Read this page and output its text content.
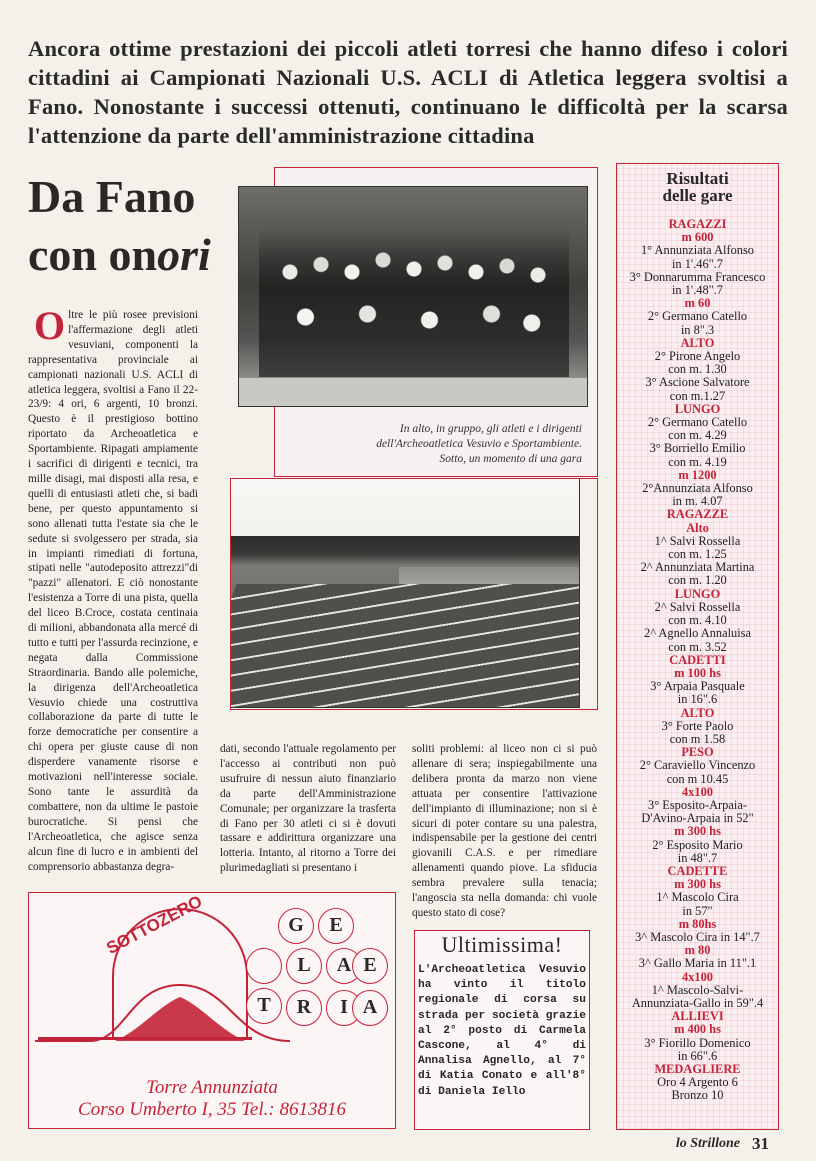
Ancora ottime prestazioni dei piccoli atleti torresi che hanno difeso i colori cittadini ai Campionati Nazionali U.S. ACLI di Atletica leggera svoltisi a Fano. Nonostante i successi ottenuti, continuano le difficoltà per la scarsa l'attenzione da parte dell'amministrazione cittadina
Da Fano
con onori
Oltre le più rosee previsioni l'affermazione degli atleti vesuviani, componenti la rappresentativa provinciale ai campionati nazionali U.S. ACLI di atletica leggera, svoltisi a Fano il 22-23/9: 4 ori, 6 argenti, 10 bronzi. Questo è il prestigioso bottino riportato da Archeoatletica e Sportambiente. Ripagati ampiamente i sacrifici di dirigenti e tecnici, tra mille disagi, mai disposti alla resa, e quelli di entusiasti atleti che, si badi bene, per questo appuntamento si sono allenati tutta l'estate sia che le sedute si svolgessero per strada, sia in impianti rimediati di fortuna, stipati nelle "autodeposito attrezzi"di "pazzi" allenatori. E ciò nonostante l'esistenza a Torre di una pista, quella del liceo B.Croce, costata centinaia di milioni, abbandonata alla mercé di tutto e tutti per l'assurda recinzione, e negata dalla Commissione Straordinaria. Bando alle polemiche, la dirigenza dell'Archeoatletica Vesuvio chiede una costruttiva collaborazione da parte di tutte le forze democratiche per consentire a chi opera per giuste cause di non disperdere vanamente risorse e motivazioni nell'interesse sociale. Sono tante le assurdità da combattere, non da ultime le pastoie burocratiche. Si pensi che l'Archeoatletica, che agisce senza alcun fine di lucro e in ambienti del comprensorio abbastanza degra-
dati, secondo l'attuale regolamento per l'accesso ai contributi non può usufruire di nessun aiuto finanziario da parte dell'Amministrazione Comunale; per organizzare la trasferta di Fano per 30 atleti ci si è dovuti tassare e addirittura organizzare una lotteria. Intanto, al ritorno a Torre dei plurimedagliati si presentano i
soliti problemi: al liceo non ci si può allenare di sera; inspiegabilmente una delibera pronta da marzo non viene attuata per consentire l'attivazione dell'impianto di illuminazione; non si è sicuri di poter contare su una palestra, indispensabile per la gestione dei centri giovanili C.A.S. e per rimediare allenamenti quando piove. La sfiducia sembra prevalere sulla tenacia; l'angoscia sta nella domanda: chi vuole questo stato di cose?
In alto, in gruppo, gli atleti e i dirigenti
dell'Archeoatletica Vesuvio e Sportambiente.
Sotto, un momento di una gara
Risultati
delle gare
RAGAZZI
m 600
1° Annunziata Alfonso
in 1'.46".7
3° Donnarumma Francesco
in 1'.48".7
m 60
2° Germano Catello
in 8".3
ALTO
2° Pirone Angelo
con m. 1.30
3° Ascione Salvatore
con m.1.27
LUNGO
2° Germano Catello
con m. 4.29
3° Borriello Emilio
con m. 4.19
m 1200
2°Annunziata Alfonso
in m. 4.07
RAGAZZE
Alto
1^ Salvi Rossella
con m. 1.25
2^ Annunziata Martina
con m. 1.20
LUNGO
2^ Salvi Rossella
con m. 4.10
2^ Agnello Annaluisa
con m. 3.52
CADETTI
m 100 hs
3° Arpaia Pasquale
in 16".6
ALTO
3° Forte Paolo
con m 1.58
PESO
2° Caraviello Vincenzo
con m 10.45
4x100
3° Esposito-Arpaia-
D'Avino-Arpaia in 52"
m 300 hs
2° Esposito Mario
in 48".7
CADETTE
m 300 hs
1^ Mascolo Cira
in 57"
m 80hs
3^ Mascolo Cira in 14".7
m 80
3^ Gallo Maria in 11".1
4x100
1^ Mascolo-Salvi-
Annunziata-Gallo in 59".4
ALLIEVI
m 400 hs
3° Fiorillo Domenico
in 66".6
MEDAGLIERE
Oro 4 Argento 6
Bronzo 10
SOTTOZERO	G	E
L	A
T
E
R	I A
Torre Annunziata
Corso Umberto I, 35 Tel.: 8613816
Ultimissima!
L'Archeoatletica Vesuvio ha vinto il titolo regionale di corsa su strada per società grazie al 2° posto di Carmela Cascone, al 4° di Annalisa Agnello, al 7° di Katia Conato e all'8° di Daniela Iello
lo Strillone 31
